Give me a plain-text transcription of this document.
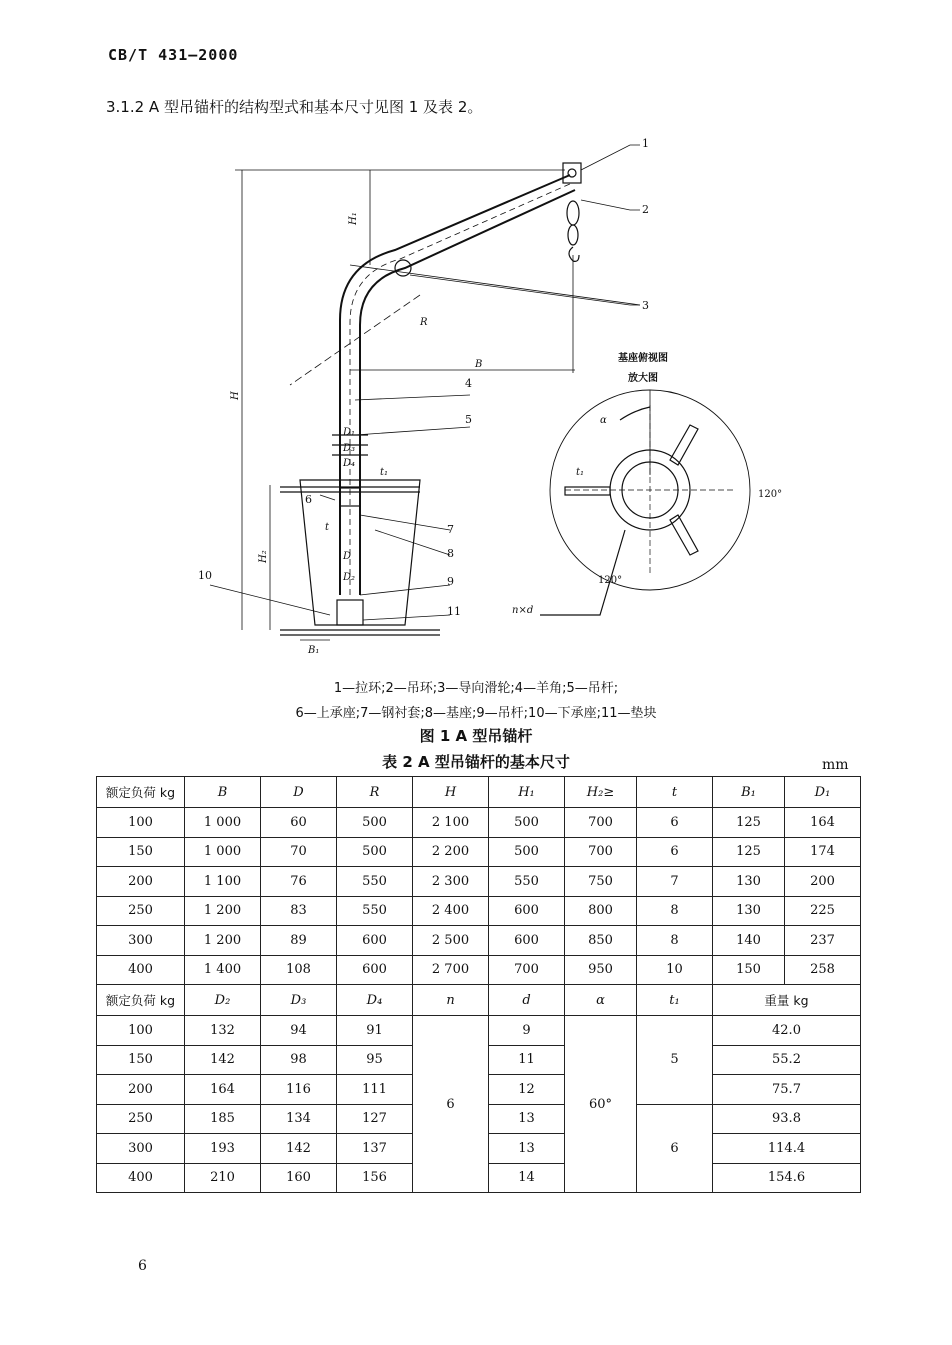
CB/T 431—2000
3.1.2 A 型吊锚杆的结构型式和基本尺寸见图 1 及表 2。
1
2
3
4
5
6
7
8
9
10
11
H₁
H
R
B
D₁
D₃
D₄
t₁
H₂
t
D
D₂
B₁
基座俯视图
放大图
α
t₁
120°
120°
n×d
1—拉环;2—吊环;3—导向滑轮;4—羊角;5—吊杆;
6—上承座;7—钢衬套;8—基座;9—吊杆;10—下承座;11—垫块
图 1 A 型吊锚杆
表 2 A 型吊锚杆的基本尺寸	mm
额定负荷 kg	B	D	R	H	H₁	H₂≥	t	B₁	D₁
100	1 000	60	500	2 100	500	700	6	125	164
150	1 000	70	500	2 200	500	700	6	125	174
200	1 100	76	550	2 300	550	750	7	130	200
250	1 200	83	550	2 400	600	800	8	130	225
300	1 200	89	600	2 500	600	850	8	140	237
400	1 400	108	600	2 700	700	950	10	150	258
额定负荷 kg	D₂	D₃	D₄	n	d	α	t₁	重量 kg	
100	132	94	91	6	9	60°	5	42.0	
150	142	98	95		11			55.2	
200	164	116	111		12			75.7	
250	185	134	127		13		6	93.8	
300	193	142	137		13			114.4	
400	210	160	156		14			154.6	
6
